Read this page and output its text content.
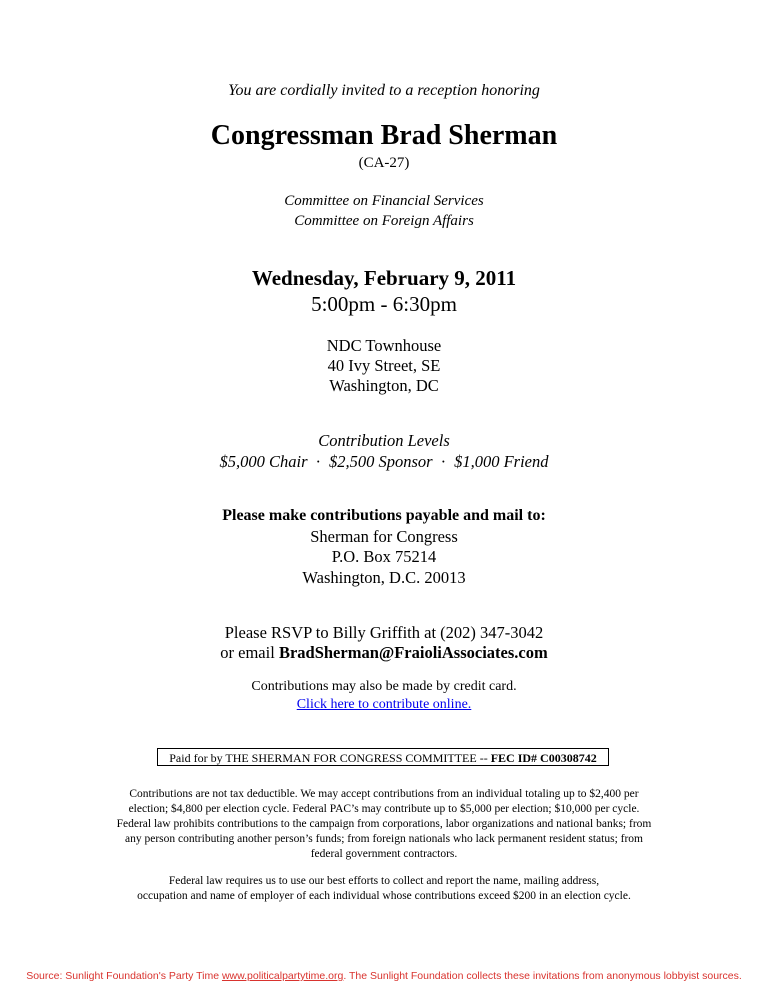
You are cordially invited to a reception honoring
Congressman Brad Sherman
(CA-27)
Committee on Financial Services
Committee on Foreign Affairs
Wednesday, February 9, 2011
5:00pm - 6:30pm
NDC Townhouse
40 Ivy Street, SE
Washington, DC
Contribution Levels
$5,000 Chair · $2,500 Sponsor · $1,000 Friend
Please make contributions payable and mail to:
Sherman for Congress
P.O. Box 75214
Washington, D.C. 20013
Please RSVP to Billy Griffith at (202) 347-3042
or email BradSherman@FraioliAssociates.com
Contributions may also be made by credit card.
Click here to contribute online.
Paid for by THE SHERMAN FOR CONGRESS COMMITTEE -- FEC ID# C00308742
Contributions are not tax deductible. We may accept contributions from an individual totaling up to $2,400 per
election; $4,800 per election cycle. Federal PAC’s may contribute up to $5,000 per election; $10,000 per cycle.
Federal law prohibits contributions to the campaign from corporations, labor organizations and national banks; from
any person contributing another person’s funds; from foreign nationals who lack permanent resident status; from
federal government contractors.
Federal law requires us to use our best efforts to collect and report the name, mailing address,
occupation and name of employer of each individual whose contributions exceed $200 in an election cycle.
Source: Sunlight Foundation's Party Time www.politicalpartytime.org. The Sunlight Foundation collects these invitations from anonymous lobbyist sources.
